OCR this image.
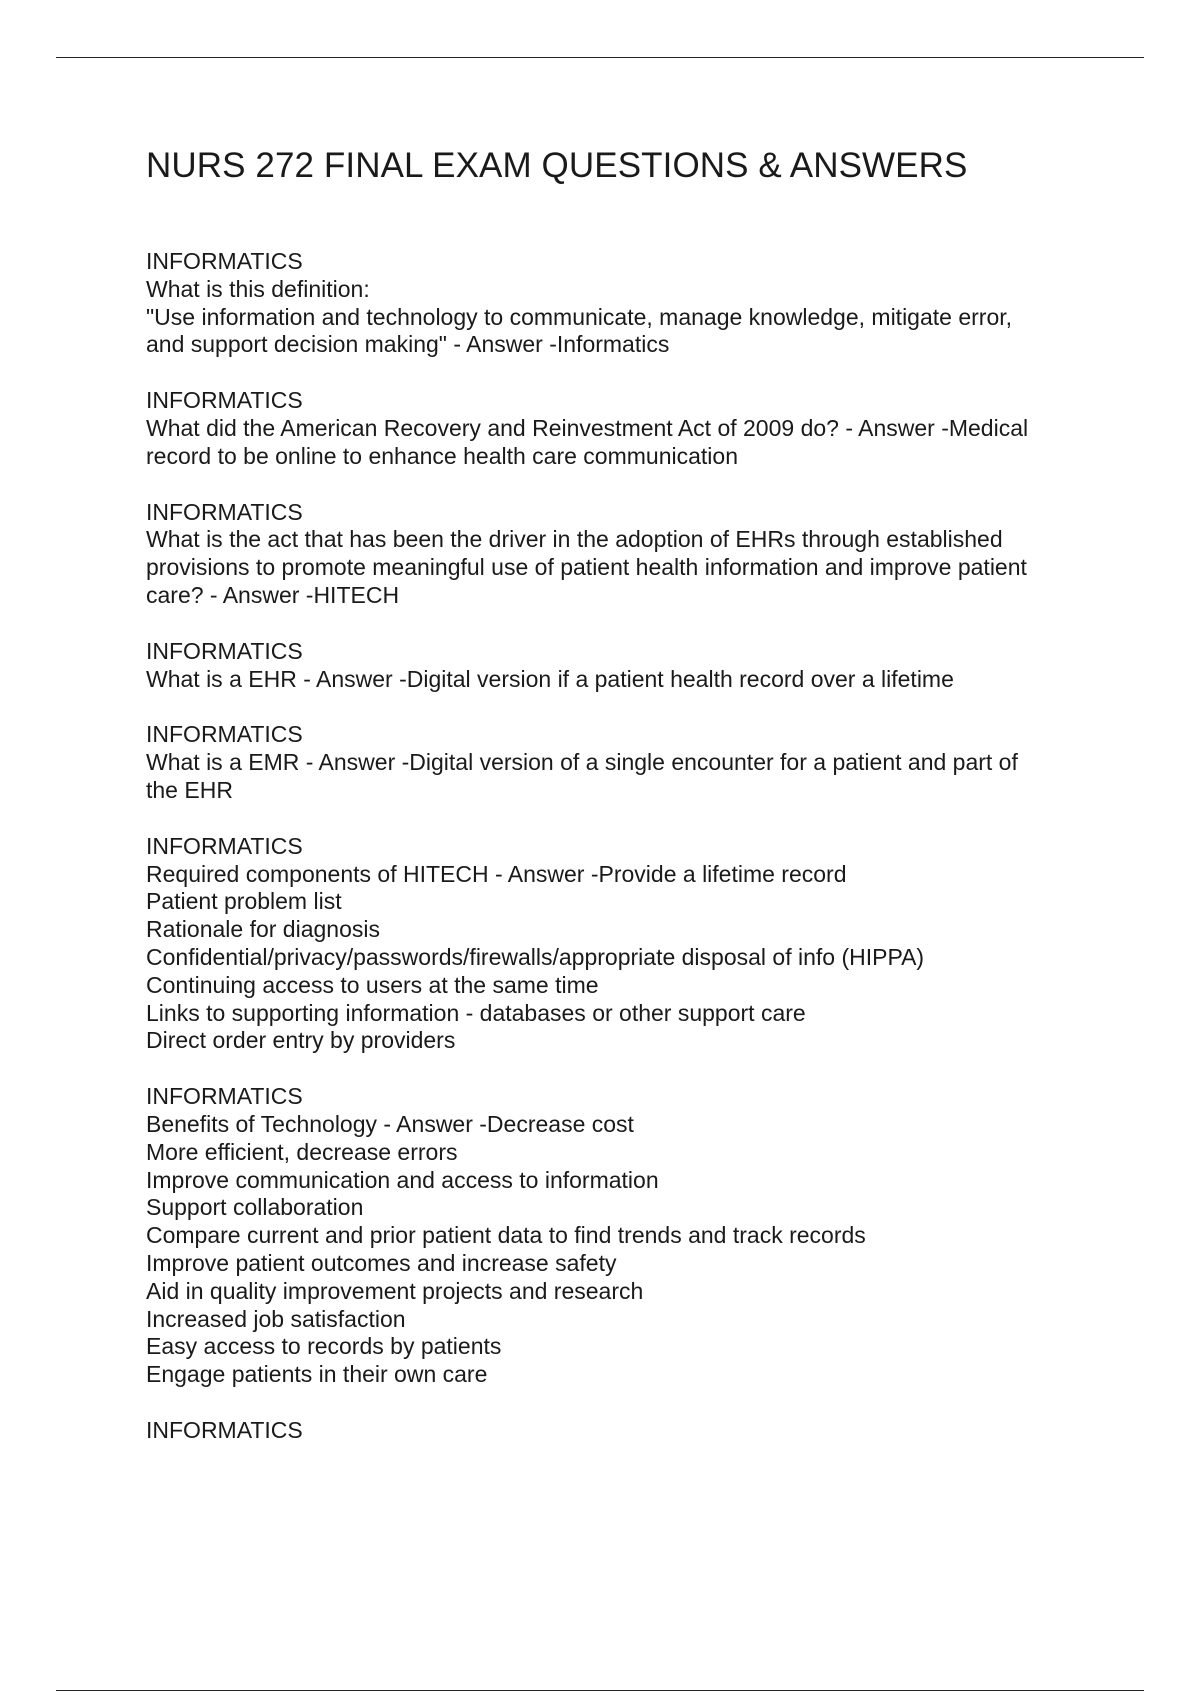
NURS 272 FINAL EXAM QUESTIONS & ANSWERS

INFORMATICS

What is this definition:

"Use information and technology to communicate, manage knowledge, mitigate error,

and support decision making" - Answer -Informatics

INFORMATICS

What did the American Recovery and Reinvestment Act of 2009 do? - Answer -Medical

record to be online to enhance health care communication

INFORMATICS

What is the act that has been the driver in the adoption of EHRs through established

provisions to promote meaningful use of patient health information and improve patient

care? - Answer -HITECH

INFORMATICS

What is a EHR - Answer -Digital version if a patient health record over a lifetime

INFORMATICS

What is a EMR - Answer -Digital version of a single encounter for a patient and part of

the EHR

INFORMATICS

Required components of HITECH - Answer -Provide a lifetime record

Patient problem list

Rationale for diagnosis

Confidential/privacy/passwords/firewalls/appropriate disposal of info (HIPPA)

Continuing access to users at the same time

Links to supporting information - databases or other support care

Direct order entry by providers

INFORMATICS

Benefits of Technology - Answer -Decrease cost

More efficient, decrease errors

Improve communication and access to information

Support collaboration

Compare current and prior patient data to find trends and track records

Improve patient outcomes and increase safety

Aid in quality improvement projects and research

Increased job satisfaction

Easy access to records by patients

Engage patients in their own care

INFORMATICS
